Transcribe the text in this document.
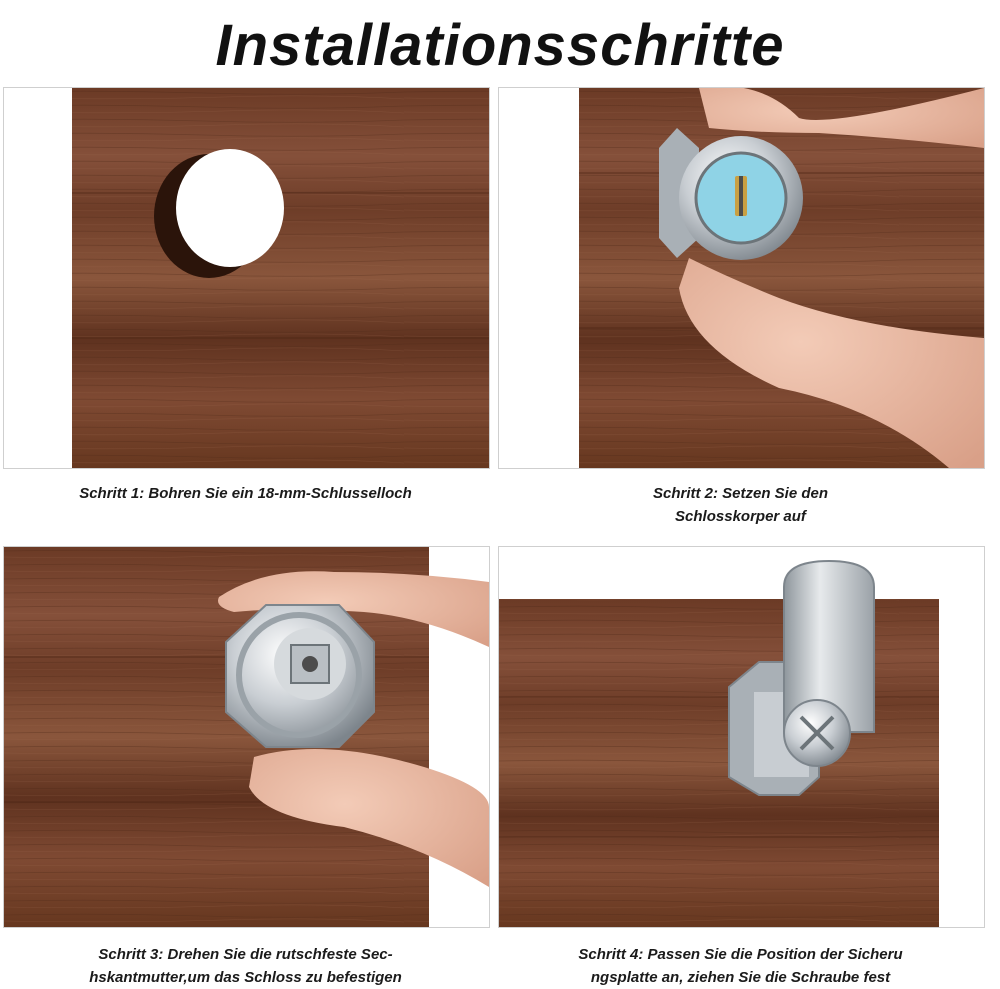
Installationsschritte
Schritt 1: Bohren Sie ein 18-mm-Schlusselloch	Schritt 2: Setzen Sie den
Schlosskorper auf
Schritt 3: Drehen Sie die rutschfeste Sec-
hskantmutter,um das Schloss zu befestigen
Schritt 4: Passen Sie die Position der Sicheru
ngsplatte an, ziehen Sie die Schraube fest
